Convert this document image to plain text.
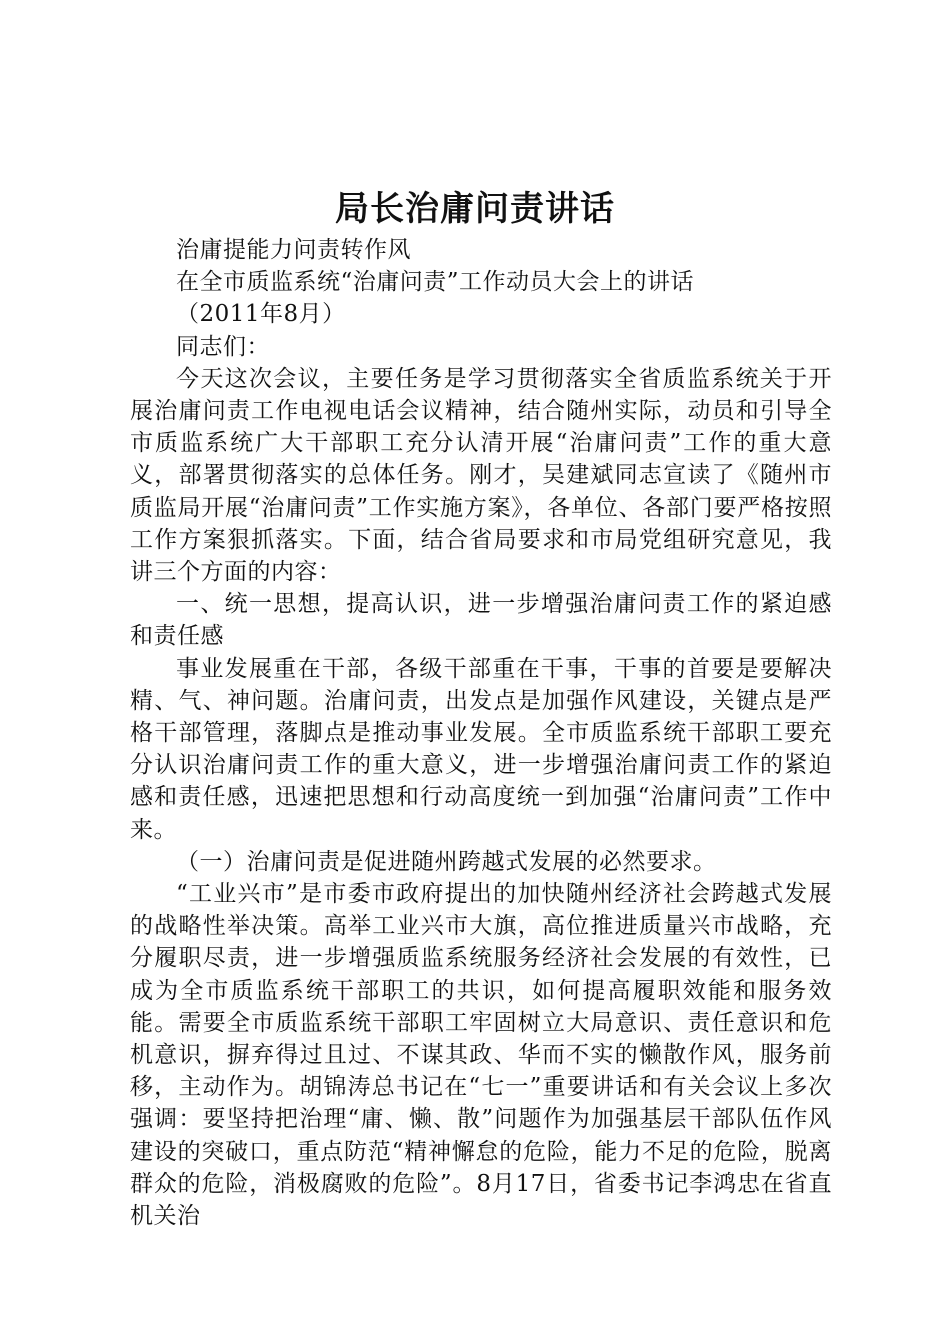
局长治庸问责讲话

治庸提能力问责转作风

在全市质监系统“治庸问责”工作动员大会上的讲话

（2011年8月）

同志们：

今天这次会议，主要任务是学习贯彻落实全省质监系统关于开展治庸问责工作电视电话会议精神，结合随州实际，动员和引导全市质监系统广大干部职工充分认清开展“治庸问责”工作的重大意义，部署贯彻落实的总体任务。刚才，吴建斌同志宣读了《随州市质监局开展“治庸问责”工作实施方案》，各单位、各部门要严格按照工作方案狠抓落实。下面，结合省局要求和市局党组研究意见，我讲三个方面的内容：

一、统一思想，提高认识，进一步增强治庸问责工作的紧迫感和责任感

事业发展重在干部，各级干部重在干事，干事的首要是要解决精、气、神问题。治庸问责，出发点是加强作风建设，关键点是严格干部管理，落脚点是推动事业发展。全市质监系统干部职工要充分认识治庸问责工作的重大意义，进一步增强治庸问责工作的紧迫感和责任感，迅速把思想和行动高度统一到加强“治庸问责”工作中来。

（一）治庸问责是促进随州跨越式发展的必然要求。

“工业兴市”是市委市政府提出的加快随州经济社会跨越式发展的战略性举决策。高举工业兴市大旗，高位推进质量兴市战略，充分履职尽责，进一步增强质监系统服务经济社会发展的有效性，已成为全市质监系统干部职工的共识，如何提高履职效能和服务效能。需要全市质监系统干部职工牢固树立大局意识、责任意识和危机意识，摒弃得过且过、不谋其政、华而不实的懒散作风，服务前移，主动作为。胡锦涛总书记在“七一”重要讲话和有关会议上多次强调：要坚持把治理“庸、懒、散”问题作为加强基层干部队伍作风建设的突破口，重点防范“精神懈怠的危险，能力不足的危险，脱离群众的危险，消极腐败的危险”。8月17日，省委书记李鸿忠在省直机关治
